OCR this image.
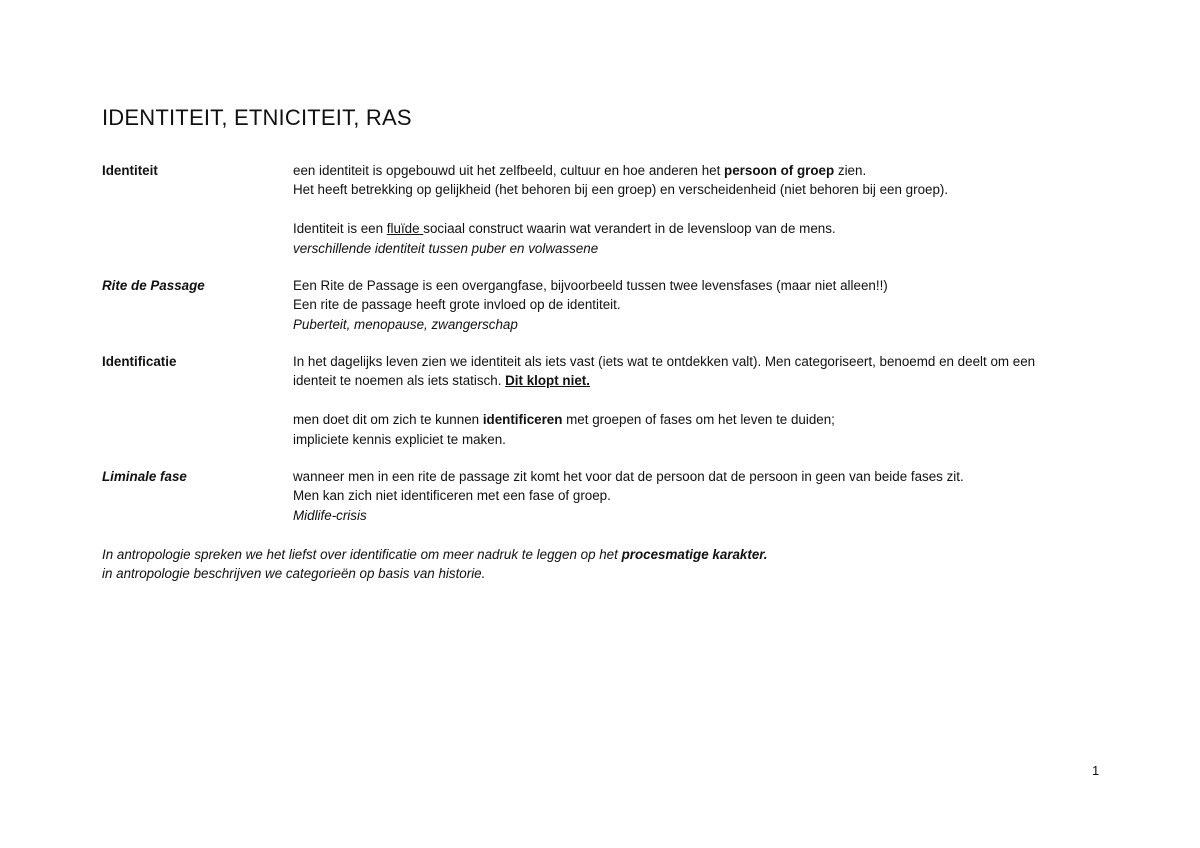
IDENTITEIT, ETNICITEIT, RAS
Identiteit	een identiteit is opgebouwd uit het zelfbeeld, cultuur en hoe anderen het persoon of groep zien.
Het heeft betrekking op gelijkheid (het behoren bij een groep) en verscheidenheid (niet behoren bij een groep).
Identiteit is een fluïde sociaal construct waarin wat verandert in de levensloop van de mens.
verschillende identiteit tussen puber en volwassene
Rite de Passage	Een Rite de Passage is een overgangfase, bijvoorbeeld tussen twee levensfases (maar niet alleen!!)
Een rite de passage heeft grote invloed op de identiteit.
Puberteit, menopause, zwangerschap
Identificatie	In het dagelijks leven zien we identiteit als iets vast (iets wat te ontdekken valt). Men categoriseert, benoemd en deelt om een
identeit te noemen als iets statisch. Dit klopt niet.
men doet dit om zich te kunnen identificeren met groepen of fases om het leven te duiden;
impliciete kennis expliciet te maken.
Liminale fase	wanneer men in een rite de passage zit komt het voor dat de persoon dat de persoon in geen van beide fases zit.
Men kan zich niet identificeren met een fase of groep.
Midlife-crisis
In antropologie spreken we het liefst over identificatie om meer nadruk te leggen op het procesmatige karakter.
in antropologie beschrijven we categorieën op basis van historie.
1
